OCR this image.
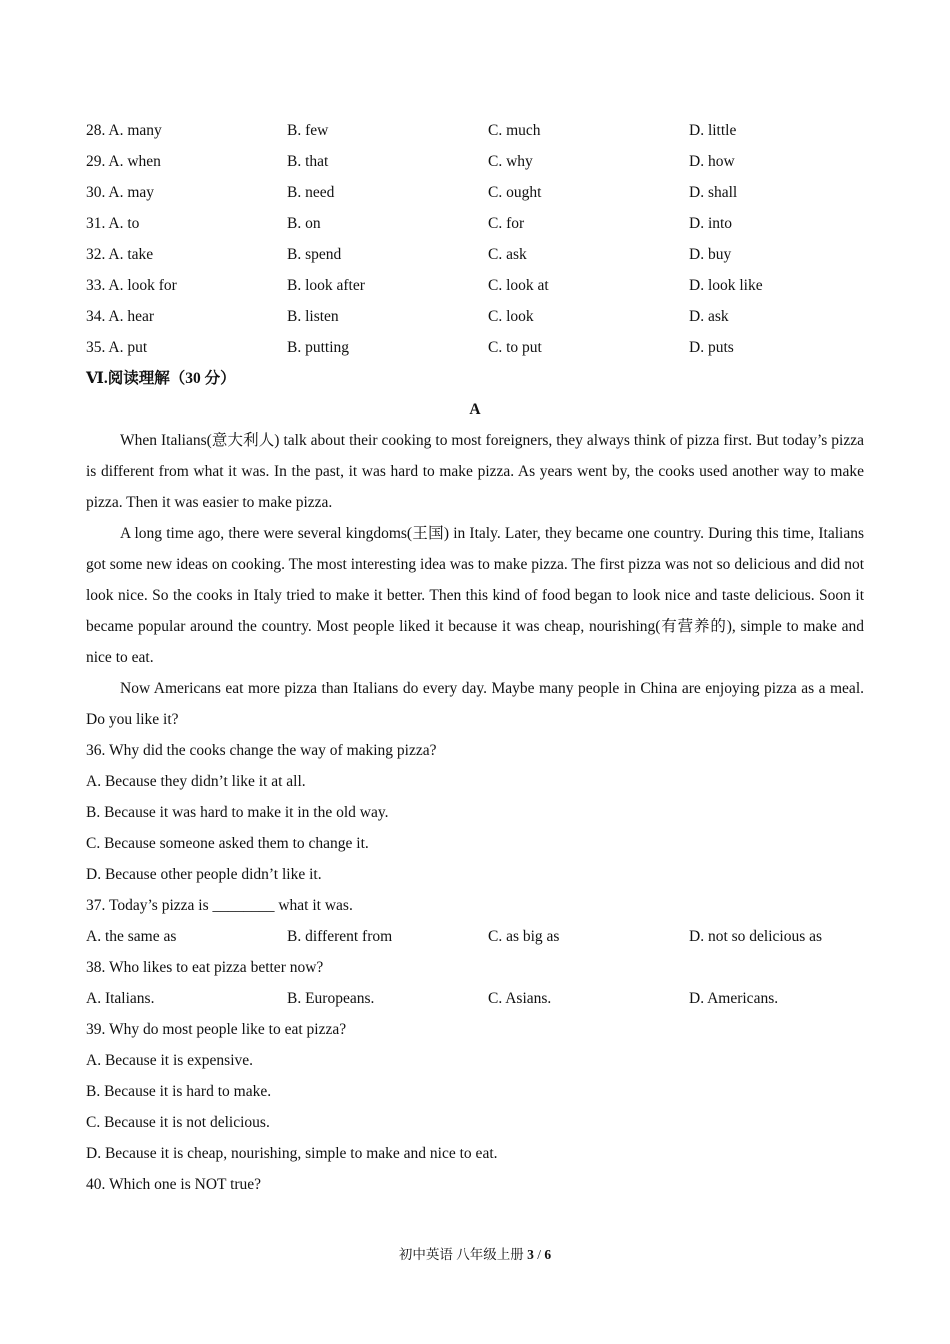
28. A. many	B. few	C. much	D. little
29. A. when	B. that	C. why	D. how
30. A. may	B. need	C. ought	D. shall
31. A. to	B. on	C. for	D. into
32. A. take	B. spend	C. ask	D. buy
33. A. look for	B. look after	C. look at	D. look like
34. A. hear	B. listen	C. look	D. ask
35. A. put	B. putting	C. to put	D. puts
Ⅵ.阅读理解（30 分）
A

When Italians(意大利人) talk about their cooking to most foreigners, they always think of pizza first. But today’s pizza is different from what it was. In the past, it was hard to make pizza. As years went by, the cooks used another way to make pizza. Then it was easier to make pizza.

A long time ago, there were several kingdoms(王国) in Italy. Later, they became one country. During this time, Italians got some new ideas on cooking. The most interesting idea was to make pizza. The first pizza was not so delicious and did not look nice. So the cooks in Italy tried to make it better. Then this kind of food began to look nice and taste delicious. Soon it became popular around the country. Most people liked it because it was cheap, nourishing(有营养的), simple to make and nice to eat.

Now Americans eat more pizza than Italians do every day. Maybe many people in China are enjoying pizza as a meal. Do you like it?

36. Why did the cooks change the way of making pizza?
A. Because they didn’t like it at all.
B. Because it was hard to make it in the old way.
C. Because someone asked them to change it.
D. Because other people didn’t like it.
37. Today’s pizza is ________ what it was.
A. the same as	B. different from	C. as big as	D. not so delicious as
38. Who likes to eat pizza better now?
A. Italians.	B. Europeans.	C. Asians.	D. Americans.
39. Why do most people like to eat pizza?
A. Because it is expensive.
B. Because it is hard to make.
C. Because it is not delicious.
D. Because it is cheap, nourishing, simple to make and nice to eat.
40. Which one is NOT true?
初中英语 八年级上册 3 / 6
